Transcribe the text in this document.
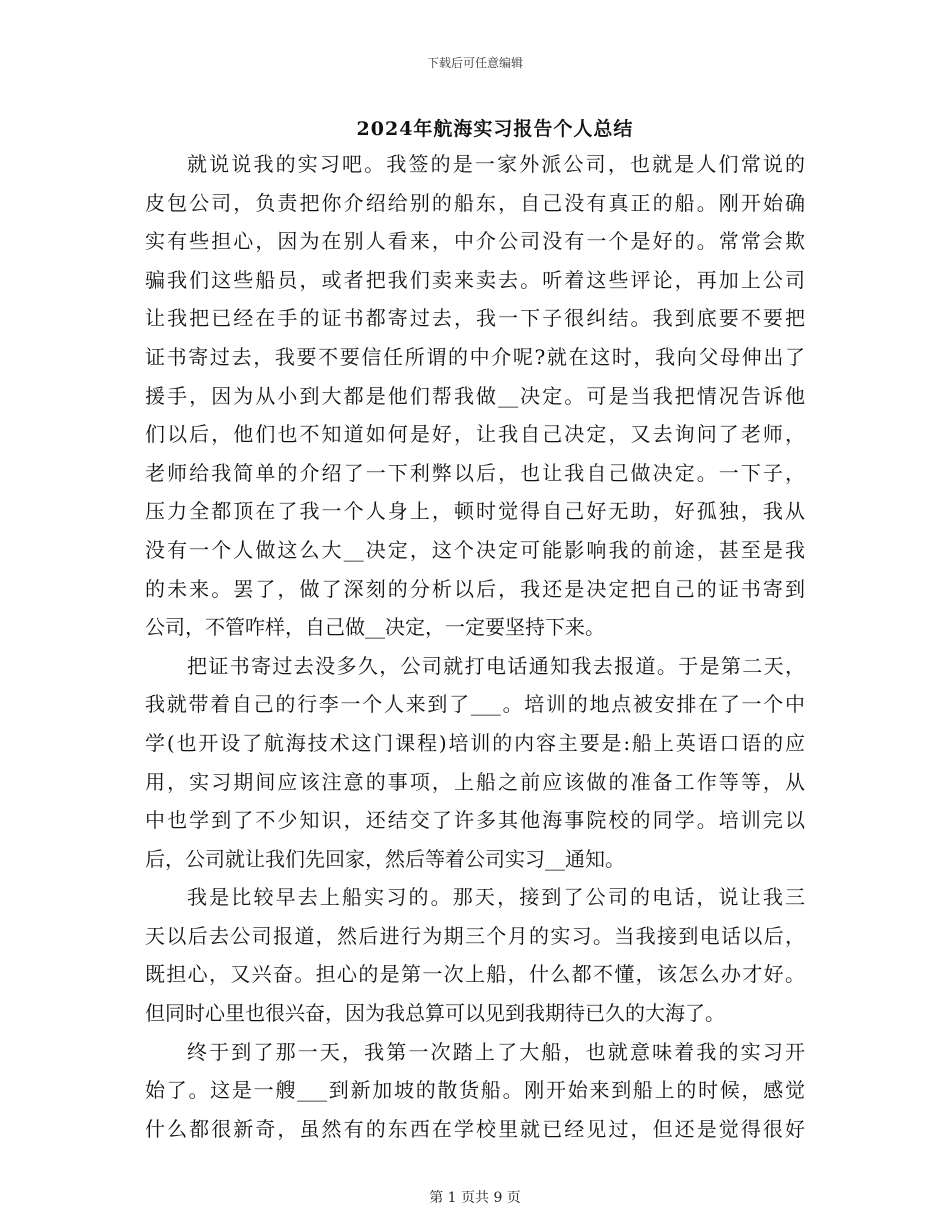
下载后可任意编辑
2024年航海实习报告个人总结
就说说我的实习吧。我签的是一家外派公司，也就是人们常说的
皮包公司，负责把你介绍给别的船东，自己没有真正的船。刚开始确
实有些担心，因为在别人看来，中介公司没有一个是好的。常常会欺
骗我们这些船员，或者把我们卖来卖去。听着这些评论，再加上公司
让我把已经在手的证书都寄过去，我一下子很纠结。我到底要不要把
证书寄过去，我要不要信任所谓的中介呢?就在这时，我向父母伸出了
援手，因为从小到大都是他们帮我做__决定。可是当我把情况告诉他
们以后，他们也不知道如何是好，让我自己决定，又去询问了老师，
老师给我简单的介绍了一下利弊以后，也让我自己做决定。一下子，
压力全都顶在了我一个人身上，顿时觉得自己好无助，好孤独，我从
没有一个人做这么大__决定，这个决定可能影响我的前途，甚至是我
的未来。罢了，做了深刻的分析以后，我还是决定把自己的证书寄到
公司，不管咋样，自己做__决定，一定要坚持下来。
把证书寄过去没多久，公司就打电话通知我去报道。于是第二天，
我就带着自己的行李一个人来到了___。培训的地点被安排在了一个中
学(也开设了航海技术这门课程)培训的内容主要是:船上英语口语的应
用，实习期间应该注意的事项，上船之前应该做的准备工作等等，从
中也学到了不少知识，还结交了许多其他海事院校的同学。培训完以
后，公司就让我们先回家，然后等着公司实习__通知。
我是比较早去上船实习的。那天，接到了公司的电话，说让我三
天以后去公司报道，然后进行为期三个月的实习。当我接到电话以后，
既担心，又兴奋。担心的是第一次上船，什么都不懂，该怎么办才好。
但同时心里也很兴奋，因为我总算可以见到我期待已久的大海了。
终于到了那一天，我第一次踏上了大船，也就意味着我的实习开
始了。这是一艘___到新加坡的散货船。刚开始来到船上的时候，感觉
什么都很新奇，虽然有的东西在学校里就已经见过，但还是觉得很好
第 1 页共 9 页
